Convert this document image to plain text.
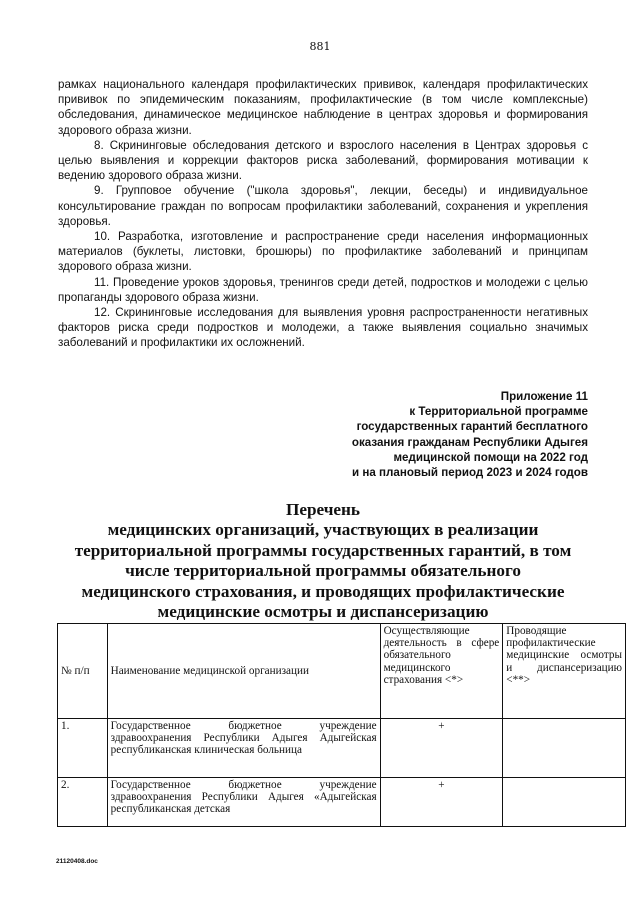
881

рамках национального календаря профилактических прививок, календаря профилактических прививок по эпидемическим показаниям, профилактические (в том числе комплексные) обследования, динамическое медицинское наблюдение в центрах здоровья и формирования здорового образа жизни.

8. Скрининговые обследования детского и взрослого населения в Центрах здоровья с целью выявления и коррекции факторов риска заболеваний, формирования мотивации к ведению здорового образа жизни.

9. Групповое обучение ("школа здоровья", лекции, беседы) и индивидуальное консультирование граждан по вопросам профилактики заболеваний, сохранения и укрепления здоровья.

10. Разработка, изготовление и распространение среди населения информационных материалов (буклеты, листовки, брошюры) по профилактике заболеваний и принципам здорового образа жизни.

11. Проведение уроков здоровья, тренингов среди детей, подростков и молодежи с целью пропаганды здорового образа жизни.

12. Скрининговые исследования для выявления уровня распространенности негативных факторов риска среди подростков и молодежи, а также выявления социально значимых заболеваний и профилактики их осложнений.

Приложение 11
к Территориальной программе
государственных гарантий бесплатного
оказания гражданам Республики Адыгея
медицинской помощи на 2022 год
и на плановый период 2023 и 2024 годов
Перечень
медицинских организаций, участвующих в реализации
территориальной программы государственных гарантий, в том
числе территориальной программы обязательного
медицинского страхования, и проводящих профилактические
медицинские осмотры и диспансеризацию
№ п/п	Наименование медицинской организации	Осуществляющие деятельность в сфере обязательного медицинского страхования <*>	Проводящие профилактические медицинские осмотры и диспансеризацию <**>
1.	Государственное бюджетное учреждение здравоохранения Республики Адыгея Адыгейская республиканская клиническая больница	+	

2.	Государственное бюджетное учреждение здравоохранения Республики Адыгея «Адыгейская республиканская детская	+	

21120408.doc
